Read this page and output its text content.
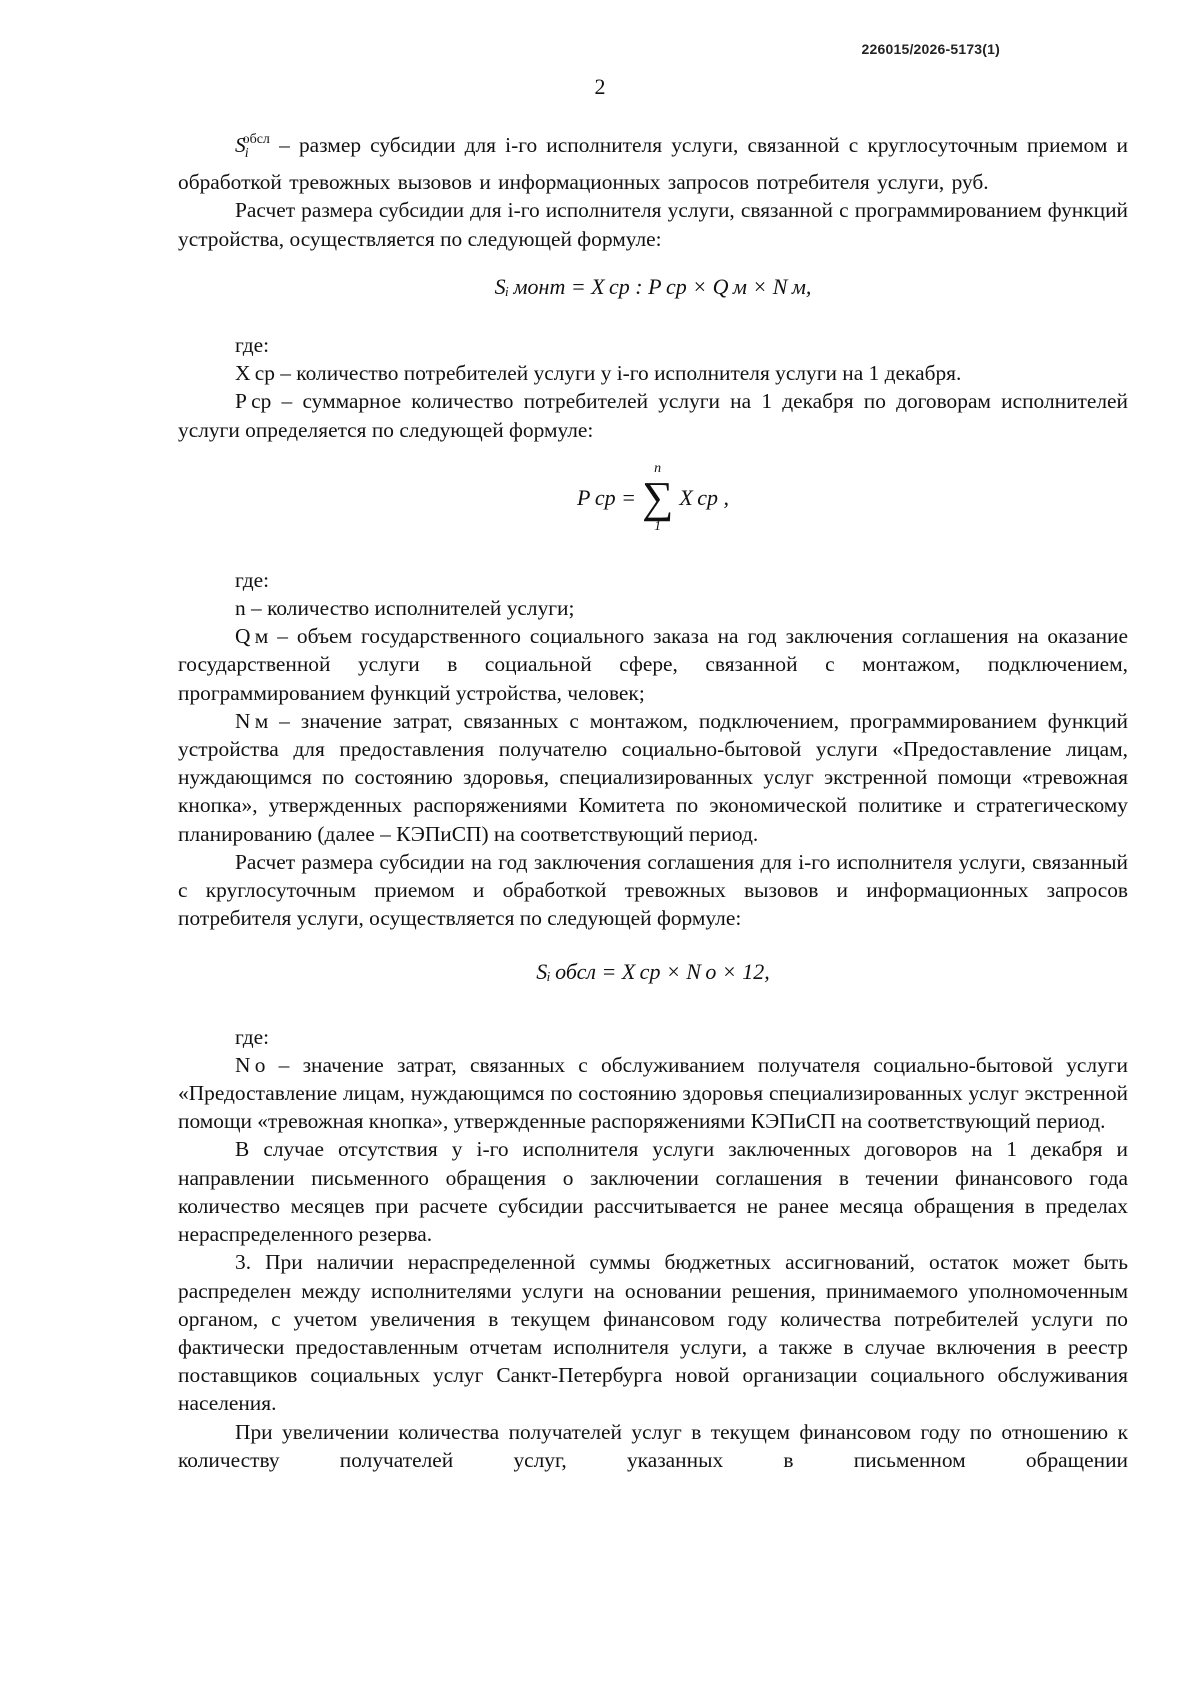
226015/2026-5173(1)
2

$S_i^{обсл}$ – размер субсидии для i-го исполнителя услуги, связанной с круглосуточным приемом и обработкой тревожных вызовов и информационных запросов потребителя услуги, руб.

Расчет размера субсидии для i-го исполнителя услуги, связанной с программированием функций устройства, осуществляется по следующей формуле:

Sᵢ монт = X ср : P ср × Q м × N м,

где:

X ср – количество потребителей услуги у i-го исполнителя услуги на 1 декабря.

P ср – суммарное количество потребителей услуги на 1 декабря по договорам исполнителей услуги определяется по следующей формуле:

P ср =
n
∑
1
X ср ,

где:

n – количество исполнителей услуги;

Q м – объем государственного социального заказа на год заключения соглашения на оказание государственной услуги в социальной сфере, связанной с монтажом, подключением, программированием функций устройства, человек;

N м – значение затрат, связанных с монтажом, подключением, программированием функций устройства для предоставления получателю социально-бытовой услуги «Предоставление лицам, нуждающимся по состоянию здоровья, специализированных услуг экстренной помощи «тревожная кнопка», утвержденных распоряжениями Комитета по экономической политике и стратегическому планированию (далее – КЭПиСП) на соответствующий период.

Расчет размера субсидии на год заключения соглашения для i-го исполнителя услуги, связанный с круглосуточным приемом и обработкой тревожных вызовов и информационных запросов потребителя услуги, осуществляется по следующей формуле:

Sᵢ обсл = X ср × N о × 12,

где:

N о – значение затрат, связанных с обслуживанием получателя социально-бытовой услуги «Предоставление лицам, нуждающимся по состоянию здоровья специализированных услуг экстренной помощи «тревожная кнопка», утвержденные распоряжениями КЭПиСП на соответствующий период.

В случае отсутствия у i-го исполнителя услуги заключенных договоров на 1 декабря и направлении письменного обращения о заключении соглашения в течении финансового года количество месяцев при расчете субсидии рассчитывается не ранее месяца обращения в пределах нераспределенного резерва.

3. При наличии нераспределенной суммы бюджетных ассигнований, остаток может быть распределен между исполнителями услуги на основании решения, принимаемого уполномоченным органом, с учетом увеличения в текущем финансовом году количества потребителей услуги по фактически предоставленным отчетам исполнителя услуги, а также в случае включения в реестр поставщиков социальных услуг Санкт-Петербурга новой организации социального обслуживания населения.

При увеличении количества получателей услуг в текущем финансовом году по отношению к количеству получателей услуг, указанных в письменном обращении
